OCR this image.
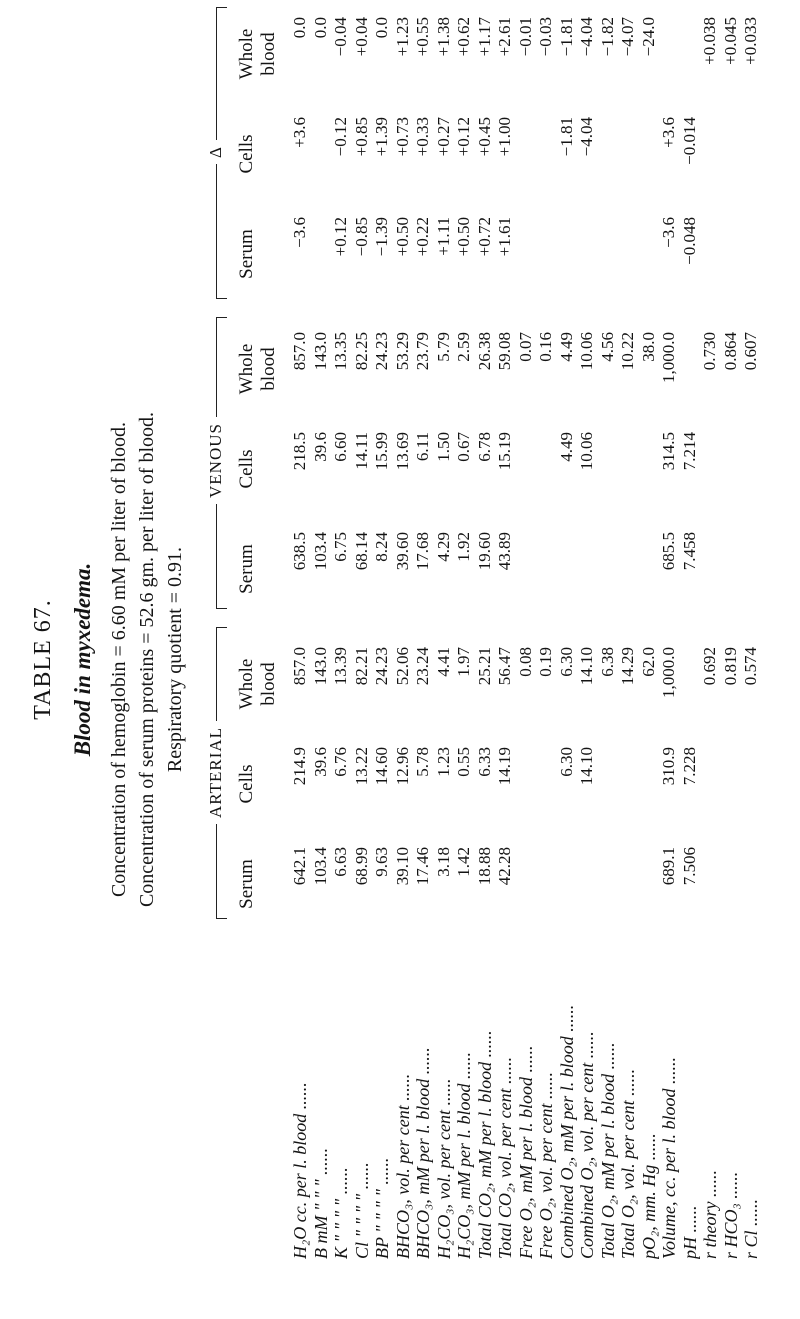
TABLE 67. Blood in myxedema. Concentration of hemoglobin = 6.60 mM per liter of blood. Concentration of serum proteins = 52.6 gm. per liter of blood. Respiratory quotient = 0.91.
ARTERIAL
VENOUS
Δ
Serum
Cells
Whole blood
Serum
Cells
Whole blood
Serum
Cells
Whole blood
H₂O cc. per l. blood ......
642.1
214.9
857.0
638.5
218.5
857.0
−3.6
+3.6
0.0
B mM " " " ......
103.4
39.6
143.0
103.4
39.6
143.0
0.0
K " " " " ......
6.63
6.76
13.39
6.75
6.60
13.35
+0.12
−0.12
−0.04
Cl " " " " ......
68.99
13.22
82.21
68.14
14.11
82.25
−0.85
+0.85
+0.04
BP " " " " ......
9.63
14.60
24.23
8.24
15.99
24.23
−1.39
+1.39
0.0
BHCO₃, vol. per cent ......
39.10
12.96
52.06
39.60
13.69
53.29
+0.50
+0.73
+1.23
BHCO₃, mM per l. blood ......
17.46
5.78
23.24
17.68
6.11
23.79
+0.22
+0.33
+0.55
H₂CO₃, vol. per cent ......
3.18
1.23
4.41
4.29
1.50
5.79
+1.11
+0.27
+1.38
H₂CO₃, mM per l. blood ......
1.42
0.55
1.97
1.92
0.67
2.59
+0.50
+0.12
+0.62
Total CO₂, mM per l. blood ......
18.88
6.33
25.21
19.60
6.78
26.38
+0.72
+0.45
+1.17
Total CO₂, vol. per cent ......
42.28
14.19
56.47
43.89
15.19
59.08
+1.61
+1.00
+2.61
Free O₂, mM per l. blood ......
0.08
0.07
−0.01
Free O₂, vol. per cent ......
0.19
0.16
−0.03
Combined O₂, mM per l. blood ......
6.30
6.30
4.49
4.49
−1.81
−1.81
Combined O₂, vol. per cent ......
14.10
14.10
10.06
10.06
−4.04
−4.04
Total O₂, mM per l. blood ......
6.38
4.56
−1.82
Total O₂, vol. per cent ......
14.29
10.22
−4.07
pO₂, mm. Hg ......
62.0
38.0
−24.0
Volume, cc. per l. blood ......
689.1
310.9
1,000.0
685.5
314.5
1,000.0
−3.6
+3.6
pH ......
7.506
7.228
7.458
7.214
−0.048
−0.014
r theory ......
0.692
0.730
+0.038
r HCO₃ ......
0.819
0.864
+0.045
r Cl ......
0.574
0.607
+0.033
